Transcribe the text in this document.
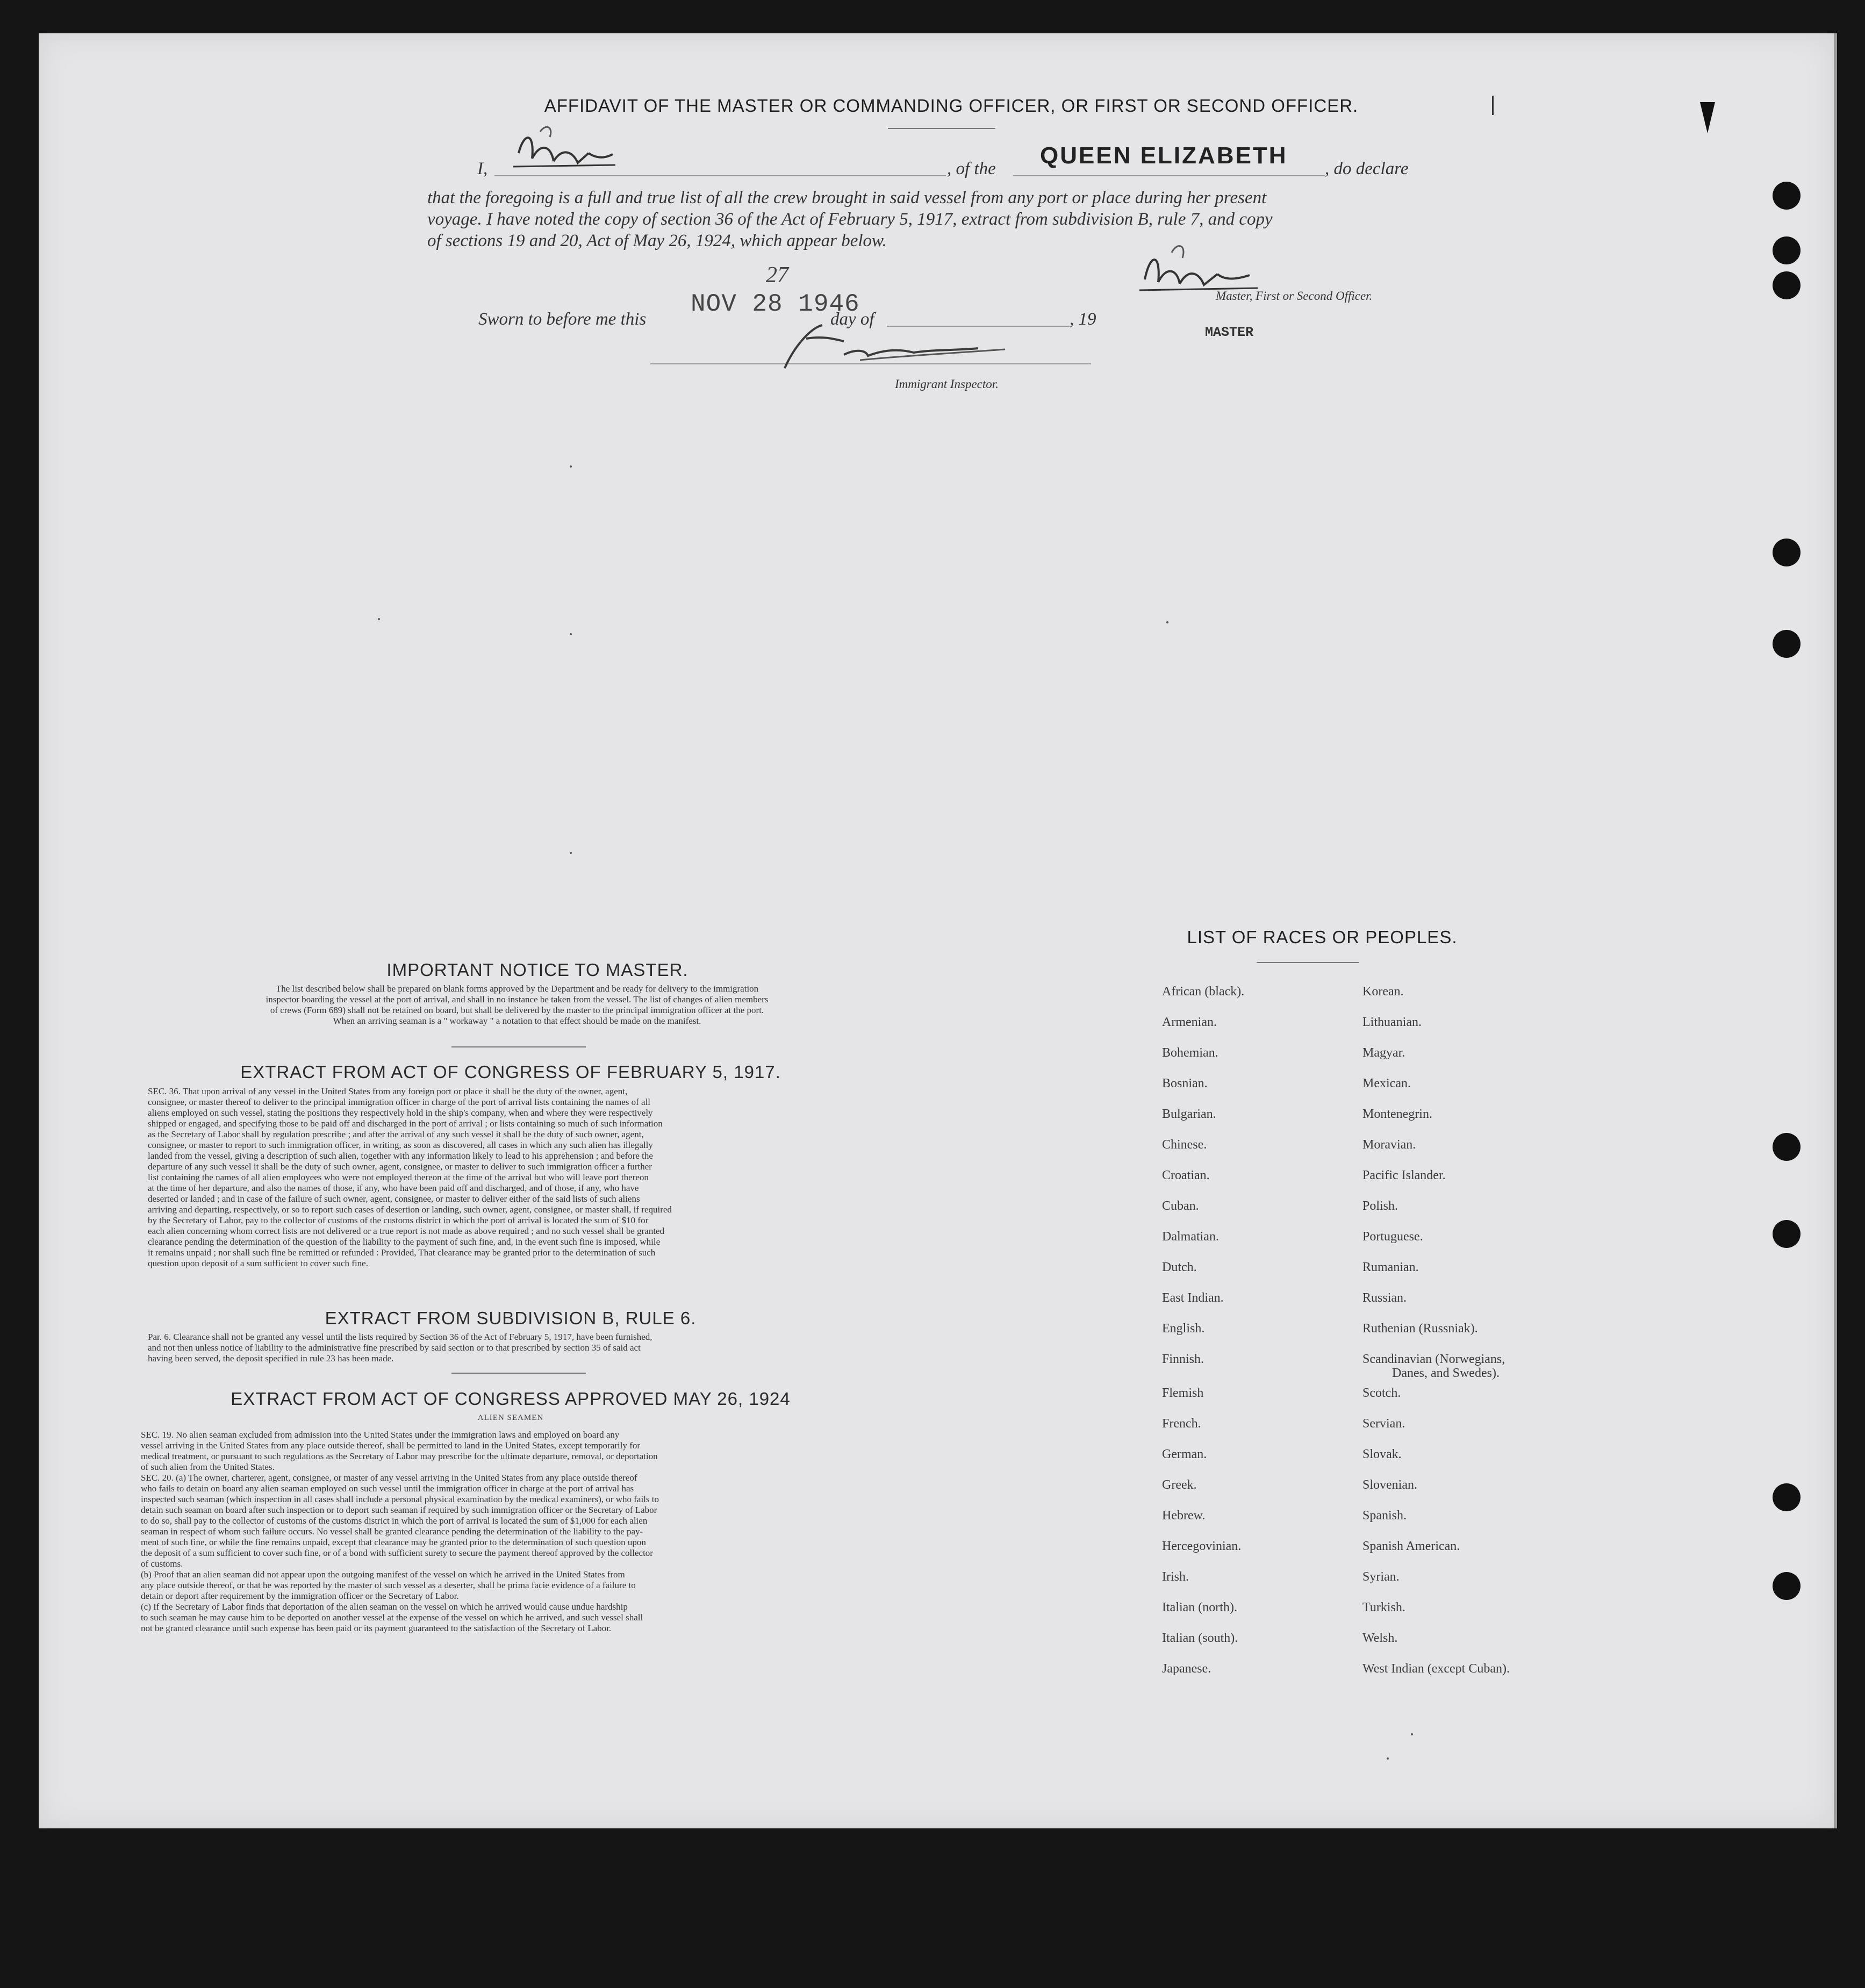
AFFIDAVIT OF THE MASTER OR COMMANDING OFFICER, OR FIRST OR SECOND OFFICER.
I,	, of the QUEEN ELIZABETH , do declare
that the foregoing is a full and true list of all the crew brought in said vessel from any port or place during her present
voyage. I have noted the copy of section 36 of the Act of February 5, 1917, extract from subdivision B, rule 7, and copy
of sections 19 and 20, Act of May 26, 1924, which appear below.
Master, First or Second Officer.
MASTER
Sworn to before me this
NOV 28 1946
27
day of	, 19
Immigrant Inspector.
IMPORTANT NOTICE TO MASTER.
The list described below shall be prepared on blank forms approved by the Department and be ready for delivery to the immigration
inspector boarding the vessel at the port of arrival, and shall in no instance be taken from the vessel. The list of changes of alien members
of crews (Form 689) shall not be retained on board, but shall be delivered by the master to the principal immigration officer at the port.
When an arriving seaman is a " workaway " a notation to that effect should be made on the manifest.
EXTRACT FROM ACT OF CONGRESS OF FEBRUARY 5, 1917.
SEC. 36. That upon arrival of any vessel in the United States from any foreign port or place it shall be the duty of the owner, agent,
consignee, or master thereof to deliver to the principal immigration officer in charge of the port of arrival lists containing the names of all
aliens employed on such vessel, stating the positions they respectively hold in the ship's company, when and where they were respectively
shipped or engaged, and specifying those to be paid off and discharged in the port of arrival ; or lists containing so much of such information
as the Secretary of Labor shall by regulation prescribe ; and after the arrival of any such vessel it shall be the duty of such owner, agent,
consignee, or master to report to such immigration officer, in writing, as soon as discovered, all cases in which any such alien has illegally
landed from the vessel, giving a description of such alien, together with any information likely to lead to his apprehension ; and before the
departure of any such vessel it shall be the duty of such owner, agent, consignee, or master to deliver to such immigration officer a further
list containing the names of all alien employees who were not employed thereon at the time of the arrival but who will leave port thereon
at the time of her departure, and also the names of those, if any, who have been paid off and discharged, and of those, if any, who have
deserted or landed ; and in case of the failure of such owner, agent, consignee, or master to deliver either of the said lists of such aliens
arriving and departing, respectively, or so to report such cases of desertion or landing, such owner, agent, consignee, or master shall, if required
by the Secretary of Labor, pay to the collector of customs of the customs district in which the port of arrival is located the sum of $10 for
each alien concerning whom correct lists are not delivered or a true report is not made as above required ; and no such vessel shall be granted
clearance pending the determination of the question of the liability to the payment of such fine, and, in the event such fine is imposed, while
it remains unpaid ; nor shall such fine be remitted or refunded : Provided, That clearance may be granted prior to the determination of such
question upon deposit of a sum sufficient to cover such fine.
EXTRACT FROM SUBDIVISION B, RULE 6.
Par. 6. Clearance shall not be granted any vessel until the lists required by Section 36 of the Act of February 5, 1917, have been furnished,
and not then unless notice of liability to the administrative fine prescribed by said section or to that prescribed by section 35 of said act
having been served, the deposit specified in rule 23 has been made.
EXTRACT FROM ACT OF CONGRESS APPROVED MAY 26, 1924
ALIEN SEAMEN
SEC. 19. No alien seaman excluded from admission into the United States under the immigration laws and employed on board any
vessel arriving in the United States from any place outside thereof, shall be permitted to land in the United States, except temporarily for
medical treatment, or pursuant to such regulations as the Secretary of Labor may prescribe for the ultimate departure, removal, or deportation
of such alien from the United States.
SEC. 20. (a) The owner, charterer, agent, consignee, or master of any vessel arriving in the United States from any place outside thereof
who fails to detain on board any alien seaman employed on such vessel until the immigration officer in charge at the port of arrival has
inspected such seaman (which inspection in all cases shall include a personal physical examination by the medical examiners), or who fails to
detain such seaman on board after such inspection or to deport such seaman if required by such immigration officer or the Secretary of Labor
to do so, shall pay to the collector of customs of the customs district in which the port of arrival is located the sum of $1,000 for each alien
seaman in respect of whom such failure occurs. No vessel shall be granted clearance pending the determination of the liability to the pay-
ment of such fine, or while the fine remains unpaid, except that clearance may be granted prior to the determination of such question upon
the deposit of a sum sufficient to cover such fine, or of a bond with sufficient surety to secure the payment thereof approved by the collector
of customs.
(b) Proof that an alien seaman did not appear upon the outgoing manifest of the vessel on which he arrived in the United States from
any place outside thereof, or that he was reported by the master of such vessel as a deserter, shall be prima facie evidence of a failure to
detain or deport after requirement by the immigration officer or the Secretary of Labor.
(c) If the Secretary of Labor finds that deportation of the alien seaman on the vessel on which he arrived would cause undue hardship
to such seaman he may cause him to be deported on another vessel at the expense of the vessel on which he arrived, and such vessel shall
not be granted clearance until such expense has been paid or its payment guaranteed to the satisfaction of the Secretary of Labor.
LIST OF RACES OR PEOPLES.
Danes, and Swedes).
African (black).
Armenian.
Bohemian.
Bosnian.
Bulgarian.
Chinese.
Croatian.
Cuban.
Dalmatian.
Dutch.
East Indian.
English.
Finnish.
Flemish
French.
German.
Greek.
Hebrew.
Hercegovinian.
Irish.
Italian (north).
Italian (south).
Japanese.
Korean.
Lithuanian.
Magyar.
Mexican.
Montenegrin.
Moravian.
Pacific Islander.
Polish.
Portuguese.
Rumanian.
Russian.
Ruthenian (Russniak).
Scandinavian (Norwegians,
Scotch.
Servian.
Slovak.
Slovenian.
Spanish.
Spanish American.
Syrian.
Turkish.
Welsh.
West Indian (except Cuban).
